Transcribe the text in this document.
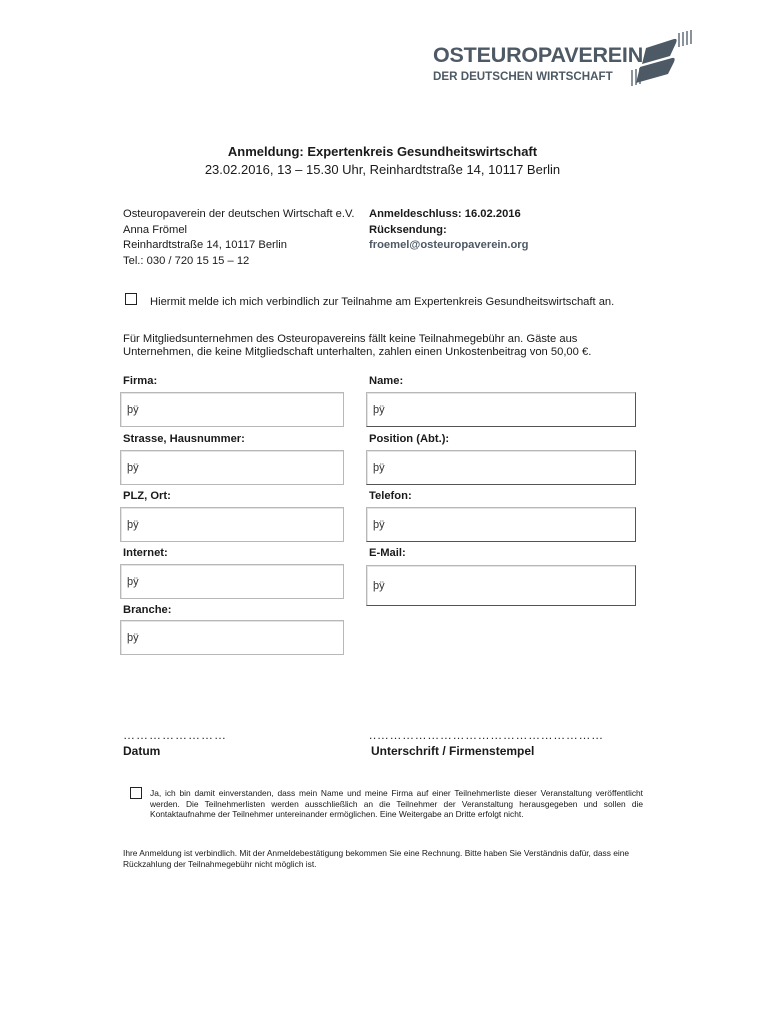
OSTEUROPAVEREIN
DER DEUTSCHEN WIRTSCHAFT
Anmeldung: Expertenkreis Gesundheitswirtschaft
23.02.2016, 13 – 15.30 Uhr, Reinhardtstraße 14, 10117 Berlin
Osteuropaverein der deutschen Wirtschaft e.V.
Anna Frömel
Reinhardtstraße 14, 10117 Berlin
Tel.: 030 / 720 15 15 – 12
Anmeldeschluss: 16.02.2016
Rücksendung:
froemel@osteuropaverein.org
Hiermit melde ich mich verbindlich zur Teilnahme am Expertenkreis Gesundheitswirtschaft an.
Für Mitgliedsunternehmen des Osteuropavereins fällt keine Teilnahmegebühr an. Gäste aus Unternehmen, die keine Mitgliedschaft unterhalten, zahlen einen Unkostenbeitrag von 50,00 €.
Firma:	Name:
þÿ	þÿ
Strasse, Hausnummer:	Position (Abt.):
þÿ	þÿ
PLZ, Ort:	Telefon:
þÿ	þÿ
Internet:	E-Mail:
þÿ	þÿ
Branche:
þÿ
……………………
Datum
..………………………………………………
Unterschrift / Firmenstempel
Ja, ich bin damit einverstanden, dass mein Name und meine Firma auf einer Teilnehmerliste dieser Veranstaltung veröffentlicht werden. Die Teilnehmerlisten werden ausschließlich an die Teilnehmer der Veranstaltung herausgegeben und sollen die Kontaktaufnahme der Teilnehmer untereinander ermöglichen. Eine Weitergabe an Dritte erfolgt nicht.
Ihre Anmeldung ist verbindlich. Mit der Anmeldebestätigung bekommen Sie eine Rechnung. Bitte haben Sie Verständnis dafür, dass eine Rückzahlung der Teilnahmegebühr nicht möglich ist.
